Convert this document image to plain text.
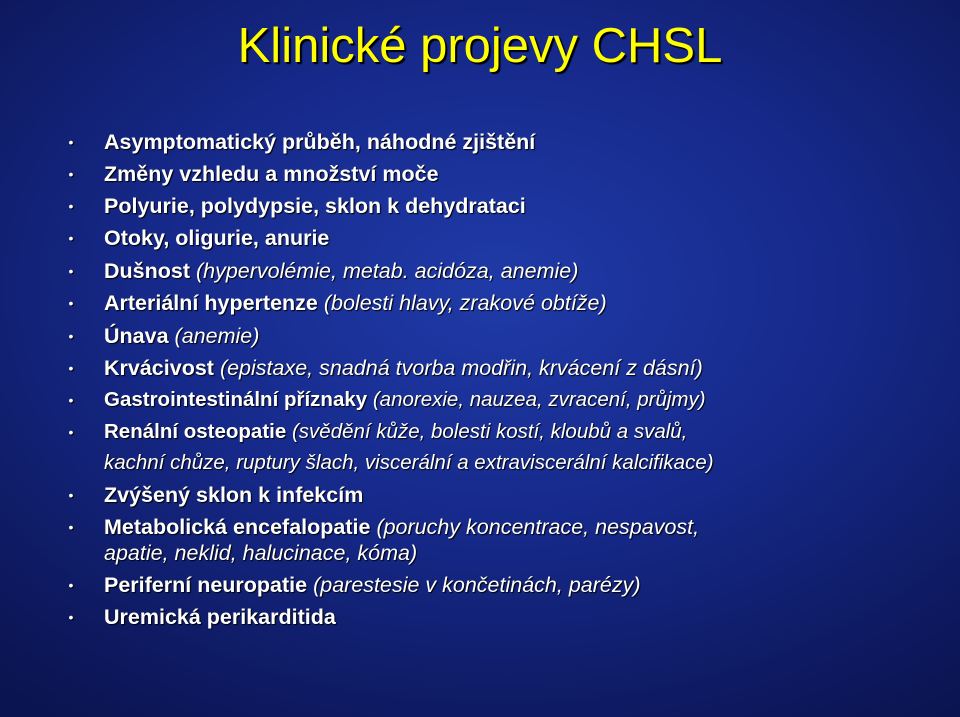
Klinické projevy CHSL
• Asymptomatický průběh, náhodné zjištění
• Změny vzhledu a množství moče
• Polyurie, polydypsie, sklon k dehydrataci
• Otoky, oligurie, anurie
• Dušnost (hypervolémie, metab. acidóza, anemie)
• Arteriální hypertenze (bolesti hlavy, zrakové obtíže)
• Únava (anemie)
• Krvácivost (epistaxe, snadná tvorba modřin, krvácení z dásní)
• Gastrointestinální příznaky (anorexie, nauzea, zvracení, průjmy)
• Renální osteopatie (svědění kůže, bolesti kostí, kloubů a svalů,
kachní chůze, ruptury šlach, viscerální a extraviscerální kalcifikace)
• Zvýšený sklon k infekcím
• Metabolická encefalopatie (poruchy koncentrace, nespavost,
apatie, neklid, halucinace, kóma)
• Periferní neuropatie (parestesie v končetinách, parézy)
• Uremická perikarditida
